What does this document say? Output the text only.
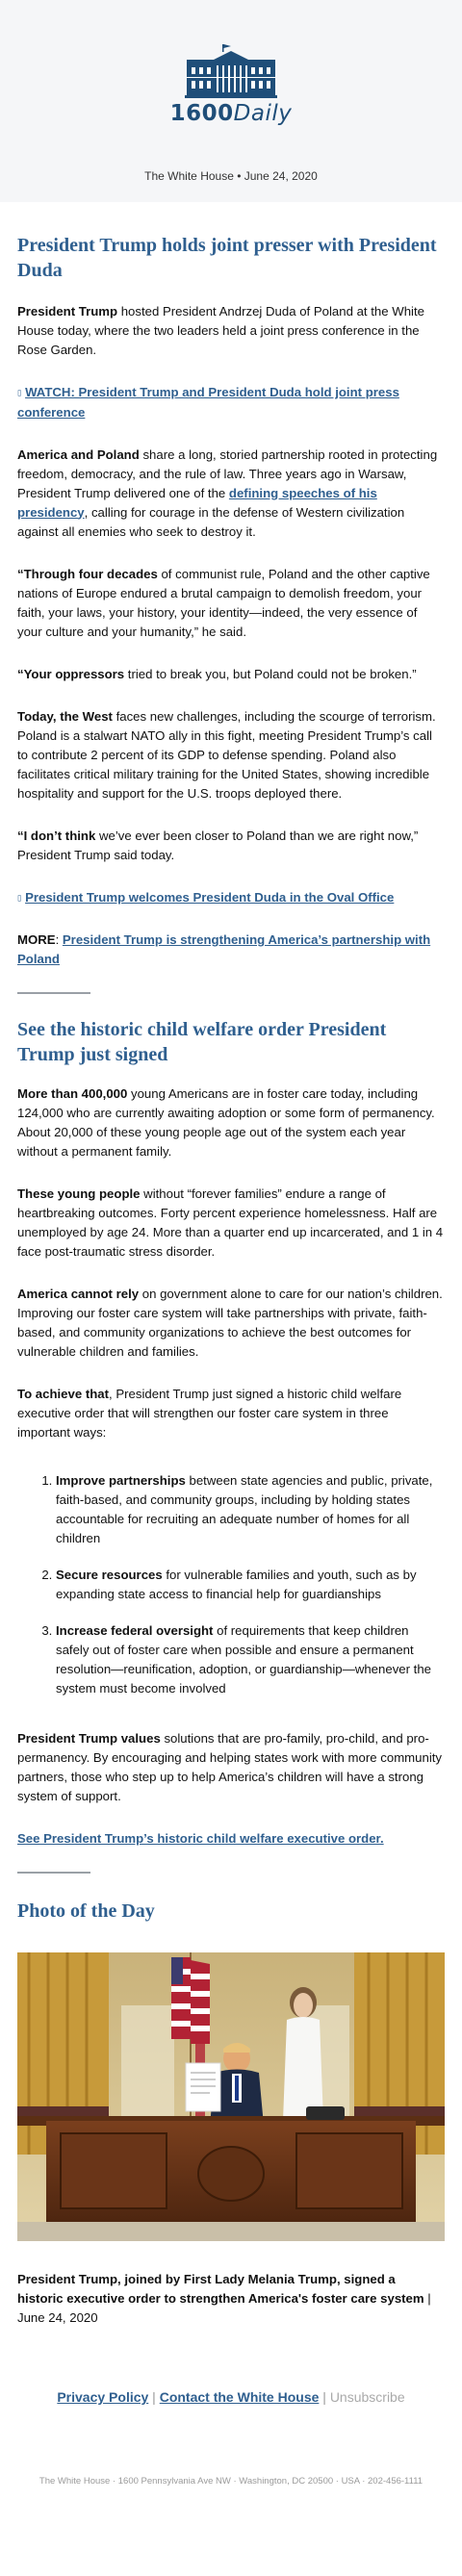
1600Daily
The White House • June 24, 2020
President Trump holds joint presser with President Duda

President Trump hosted President Andrzej Duda of Poland at the White House today, where the two leaders held a joint press conference in the Rose Garden.

▯ WATCH: President Trump and President Duda hold joint press conference

America and Poland share a long, storied partnership rooted in protecting freedom, democracy, and the rule of law. Three years ago in Warsaw, President Trump delivered one of the defining speeches of his presidency, calling for courage in the defense of Western civilization against all enemies who seek to destroy it.

“Through four decades of communist rule, Poland and the other captive nations of Europe endured a brutal campaign to demolish freedom, your faith, your laws, your history, your identity—indeed, the very essence of your culture and your humanity,” he said.

“Your oppressors tried to break you, but Poland could not be broken.”

Today, the West faces new challenges, including the scourge of terrorism. Poland is a stalwart NATO ally in this fight, meeting President Trump’s call to contribute 2 percent of its GDP to defense spending. Poland also facilitates critical military training for the United States, showing incredible hospitality and support for the U.S. troops deployed there.

“I don’t think we’ve ever been closer to Poland than we are right now,” President Trump said today.

▯ President Trump welcomes President Duda in the Oval Office

MORE: President Trump is strengthening America’s partnership with Poland

See the historic child welfare order President Trump just signed

More than 400,000 young Americans are in foster care today, including 124,000 who are currently awaiting adoption or some form of permanency. About 20,000 of these young people age out of the system each year without a permanent family.

These young people without “forever families” endure a range of heartbreaking outcomes. Forty percent experience homelessness. Half are unemployed by age 24. More than a quarter end up incarcerated, and 1 in 4 face post-traumatic stress disorder.

America cannot rely on government alone to care for our nation’s children. Improving our foster care system will take partnerships with private, faith-based, and community organizations to achieve the best outcomes for vulnerable children and families.

To achieve that, President Trump just signed a historic child welfare executive order that will strengthen our foster care system in three important ways:

1. Improve partnerships between state agencies and public, private, faith-based, and community groups, including by holding states accountable for recruiting an adequate number of homes for all children
2. Secure resources for vulnerable families and youth, such as by expanding state access to financial help for guardianships
3. Increase federal oversight of requirements that keep children safely out of foster care when possible and ensure a permanent resolution—reunification, adoption, or guardianship—whenever the system must become involved

President Trump values solutions that are pro-family, pro-child, and pro-permanency. By encouraging and helping states work with more community partners, those who step up to help America’s children will have a strong system of support.

See President Trump’s historic child welfare executive order.

Photo of the Day

President Trump, joined by First Lady Melania Trump, signed a historic executive order to strengthen America's foster care system | June 24, 2020

Privacy Policy | Contact the White House | Unsubscribe
The White House · 1600 Pennsylvania Ave NW · Washington, DC 20500 · USA · 202-456-1111
